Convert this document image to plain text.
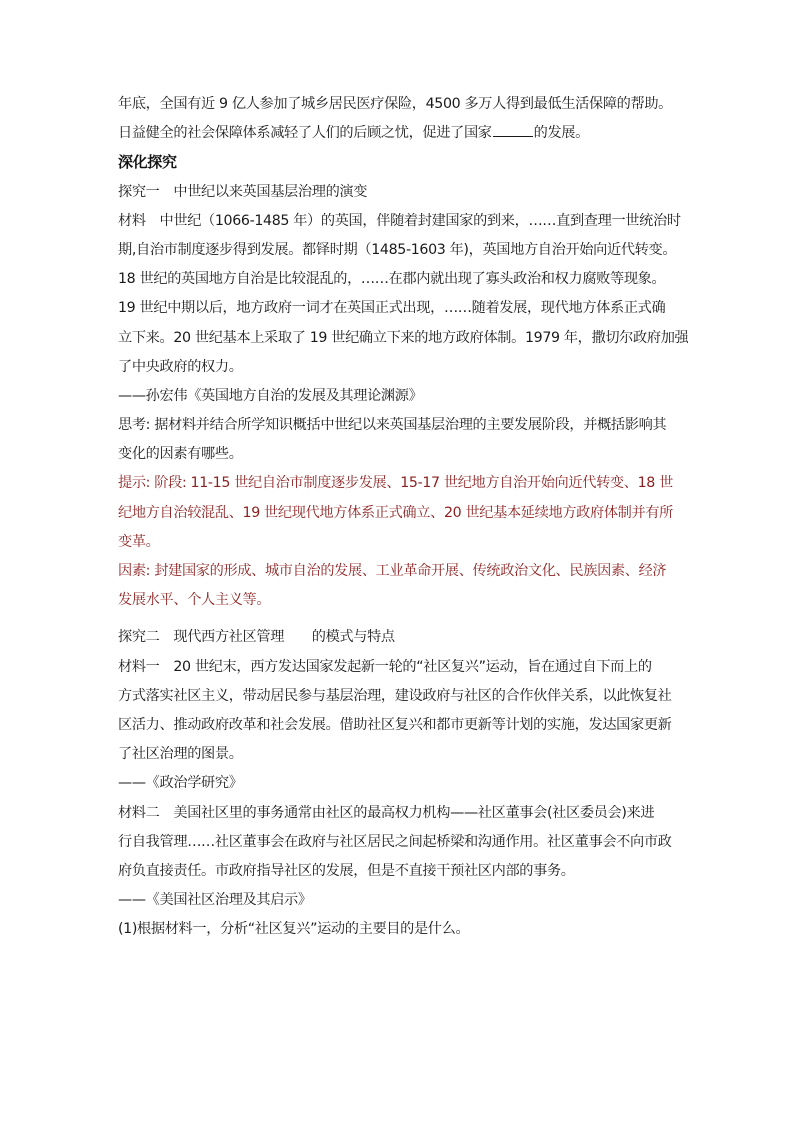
年底，全国有近 9 亿人参加了城乡居民医疗保险，4500 多万人得到最低生活保障的帮助。
日益健全的社会保障体系减轻了人们的后顾之忧，促进了国家	的发展。
深化探究
探究一　中世纪以来英国基层治理的演变
材料　中世纪（1066-1485 年）的英国，伴随着封建国家的到来，……直到查理一世统治时
期,自治市制度逐步得到发展。都铎时期（1485-1603 年)，英国地方自治开始向近代转变。
18 世纪的英国地方自治是比较混乱的，……在郡内就出现了寡头政治和权力腐败等现象。
19 世纪中期以后，地方政府一词才在英国正式出现，……随着发展，现代地方体系正式确
立下来。20 世纪基本上采取了 19 世纪确立下来的地方政府体制。1979 年，撒切尔政府加强
了中央政府的权力。
——孙宏伟《英国地方自治的发展及其理论渊源》
思考: 据材料并结合所学知识概括中世纪以来英国基层治理的主要发展阶段，并概括影响其
变化的因素有哪些。
提示: 阶段: 11-15 世纪自治市制度逐步发展、15-17 世纪地方自治开始向近代转变、18 世
纪地方自治较混乱、19 世纪现代地方体系正式确立、20 世纪基本延续地方政府体制并有所
变革。
因素: 封建国家的形成、城市自治的发展、工业革命开展、传统政治文化、民族因素、经济
发展水平、个人主义等。
探究二　现代西方社区管理　　的模式与特点
材料一　20 世纪末，西方发达国家发起新一轮的“社区复兴”运动，旨在通过自下而上的
方式落实社区主义，带动居民参与基层治理，建设政府与社区的合作伙伴关系，以此恢复社
区活力、推动政府改革和社会发展。借助社区复兴和都市更新等计划的实施，发达国家更新
了社区治理的图景。
——《政治学研究》
材料二　美国社区里的事务通常由社区的最高权力机构——社区董事会(社区委员会)来进
行自我管理……社区董事会在政府与社区居民之间起桥梁和沟通作用。社区董事会不向市政
府负直接责任。市政府指导社区的发展，但是不直接干预社区内部的事务。
——《美国社区治理及其启示》
(1)根据材料一，分析“社区复兴”运动的主要目的是什么。
